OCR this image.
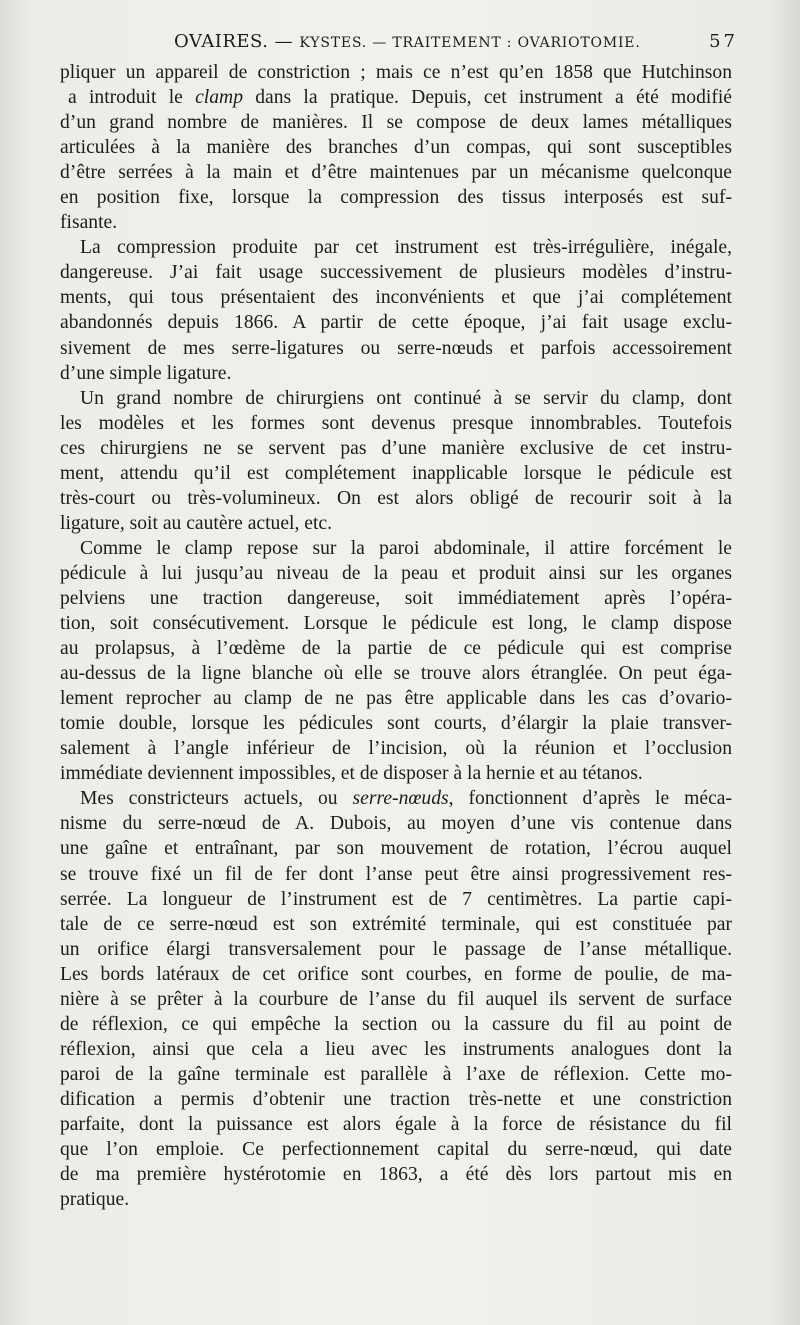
OVAIRES. — KYSTES. — TRAITEMENT : OVARIOTOMIE.	57

pliquer un appareil de constriction ; mais ce n’est qu’en 1858 que Hutchinson
a introduit le clamp dans la pratique. Depuis, cet instrument a été modifié
d’un grand nombre de manières. Il se compose de deux lames métalliques
articulées à la manière des branches d’un compas, qui sont susceptibles
d’être serrées à la main et d’être maintenues par un mécanisme quelconque
en position fixe, lorsque la compression des tissus interposés est suf-
fisante.

La compression produite par cet instrument est très-irrégulière, inégale,
dangereuse. J’ai fait usage successivement de plusieurs modèles d’instru-
ments, qui tous présentaient des inconvénients et que j’ai complétement
abandonnés depuis 1866. A partir de cette époque, j’ai fait usage exclu-
sivement de mes serre-ligatures ou serre-nœuds et parfois accessoirement
d’une simple ligature.

Un grand nombre de chirurgiens ont continué à se servir du clamp, dont
les modèles et les formes sont devenus presque innombrables. Toutefois
ces chirurgiens ne se servent pas d’une manière exclusive de cet instru-
ment, attendu qu’il est complétement inapplicable lorsque le pédicule est
très-court ou très-volumineux. On est alors obligé de recourir soit à la
ligature, soit au cautère actuel, etc.

Comme le clamp repose sur la paroi abdominale, il attire forcément le
pédicule à lui jusqu’au niveau de la peau et produit ainsi sur les organes
pelviens une traction dangereuse, soit immédiatement après l’opéra-
tion, soit consécutivement. Lorsque le pédicule est long, le clamp dispose
au prolapsus, à l’œdème de la partie de ce pédicule qui est comprise
au-dessus de la ligne blanche où elle se trouve alors étranglée. On peut éga-
lement reprocher au clamp de ne pas être applicable dans les cas d’ovario-
tomie double, lorsque les pédicules sont courts, d’élargir la plaie transver-
salement à l’angle inférieur de l’incision, où la réunion et l’occlusion
immédiate deviennent impossibles, et de disposer à la hernie et au tétanos.

Mes constricteurs actuels, ou serre-nœuds, fonctionnent d’après le méca-
nisme du serre-nœud de A. Dubois, au moyen d’une vis contenue dans
une gaîne et entraînant, par son mouvement de rotation, l’écrou auquel
se trouve fixé un fil de fer dont l’anse peut être ainsi progressivement res-
serrée. La longueur de l’instrument est de 7 centimètres. La partie capi-
tale de ce serre-nœud est son extrémité terminale, qui est constituée par
un orifice élargi transversalement pour le passage de l’anse métallique.
Les bords latéraux de cet orifice sont courbes, en forme de poulie, de ma-
nière à se prêter à la courbure de l’anse du fil auquel ils servent de surface
de réflexion, ce qui empêche la section ou la cassure du fil au point de
réflexion, ainsi que cela a lieu avec les instruments analogues dont la
paroi de la gaîne terminale est parallèle à l’axe de réflexion. Cette mo-
dification a permis d’obtenir une traction très-nette et une constriction
parfaite, dont la puissance est alors égale à la force de résistance du fil
que l’on emploie. Ce perfectionnement capital du serre-nœud, qui date
de ma première hystérotomie en 1863, a été dès lors partout mis en
pratique.
